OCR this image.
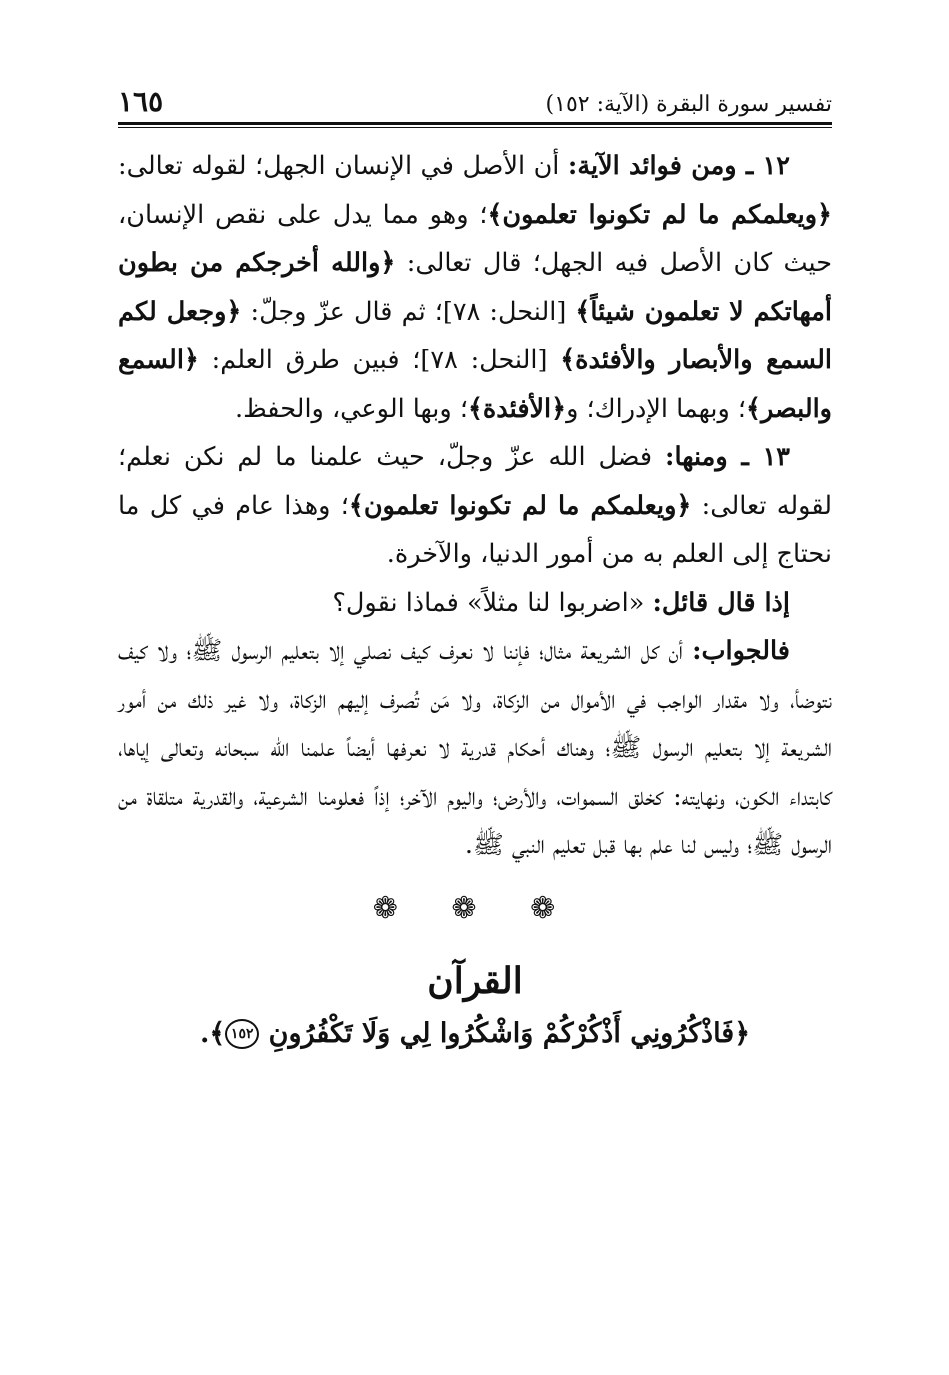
تفسير سورة البقرة (الآية: ١٥٢)
١٦٥

١٢ ـ ومن فوائد الآية: أن الأصل في الإنسان الجهل؛ لقوله تعالى: ﴿ويعلمكم ما لم تكونوا تعلمون﴾؛ وهو مما يدل على نقص الإنسان، حيث كان الأصل فيه الجهل؛ قال تعالى: ﴿والله أخرجكم من بطون أمهاتكم لا تعلمون شيئاً﴾ [النحل: ٧٨]؛ ثم قال عزّ وجلّ: ﴿وجعل لكم السمع والأبصار والأفئدة﴾ [النحل: ٧٨]؛ فبين طرق العلم: ﴿السمع والبصر﴾؛ وبهما الإدراك؛ و﴿الأفئدة﴾؛ وبها الوعي، والحفظ.

١٣ ـ ومنها: فضل الله عزّ وجلّ، حيث علمنا ما لم نكن نعلم؛ لقوله تعالى: ﴿ويعلمكم ما لم تكونوا تعلمون﴾؛ وهذا عام في كل ما نحتاج إلى العلم به من أمور الدنيا، والآخرة.

إذا قال قائل: «اضربوا لنا مثلاً» فماذا نقول؟

فالجواب: أن كل الشريعة مثال؛ فإننا لا نعرف كيف نصلي إلا بتعليم الرسول ﷺ؛ ولا كيف نتوضأ، ولا مقدار الواجب في الأموال من الزكاة، ولا مَن تُصرف إليهم الزكاة، ولا غير ذلك من أمور الشريعة إلا بتعليم الرسول ﷺ؛ وهناك أحكام قدرية لا نعرفها أيضاً علمنا الله سبحانه وتعالى إياها، كابتداء الكون، ونهايته: كخلق السموات، والأرض؛ واليوم الآخر؛ إذاً فعلومنا الشرعية، والقدرية متلقاة من الرسول ﷺ؛ وليس لنا علم بها قبل تعليم النبي ﷺ.

❁ ❁ ❁
القرآن
﴿فَاذْكُرُونِي أَذْكُرْكُمْ وَاشْكُرُوا لِي وَلَا تَكْفُرُونِ ١٥٢﴾.
